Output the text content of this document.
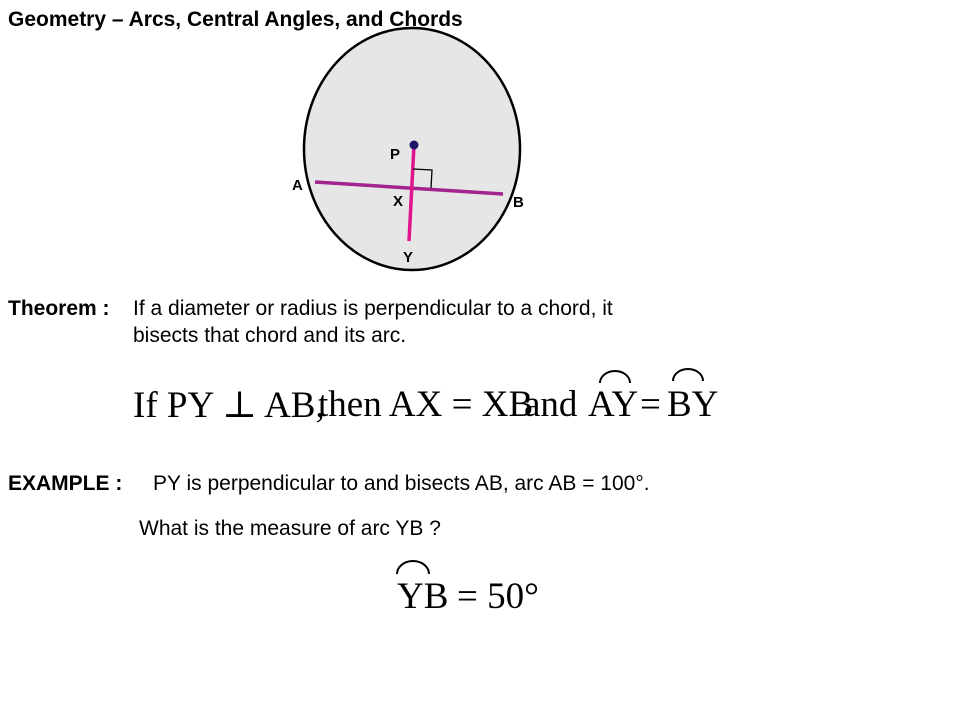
Geometry – Arcs, Central Angles, and Chords
P
A
X	B
Y
Theorem : If a diameter or radius is perpendicular to a chord, it
bisects that chord and its arc.
If PY ⊥ AB,
then AX = XB
and AY = BY
EXAMPLE : PY is perpendicular to and bisects AB, arc AB = 100°.
What is the measure of arc YB ?
YB = 50°
